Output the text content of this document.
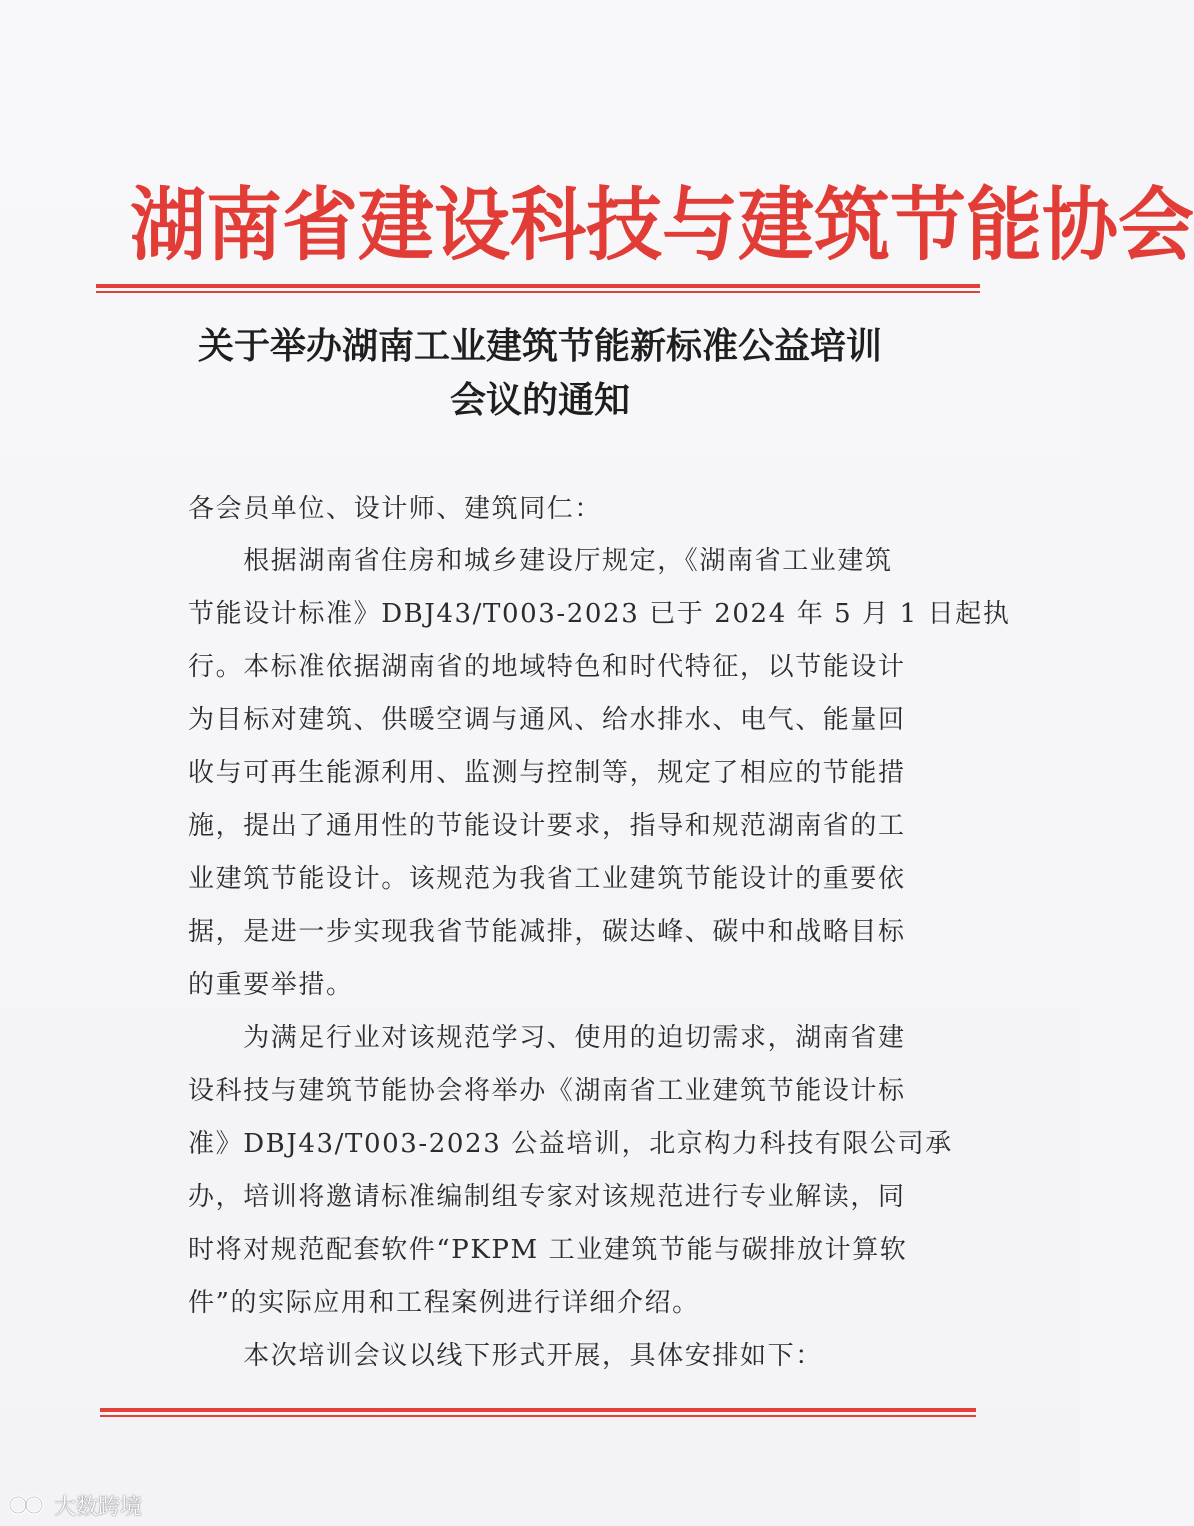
湖南省建设科技与建筑节能协会
关于举办湖南工业建筑节能新标准公益培训
会议的通知
各会员单位、设计师、建筑同仁：
　　根据湖南省住房和城乡建设厅规定，《湖南省工业建筑
节能设计标准》DBJ43/T003-2023 已于 2024 年 5 月 1 日起执
行。本标准依据湖南省的地域特色和时代特征，以节能设计
为目标对建筑、供暖空调与通风、给水排水、电气、能量回
收与可再生能源利用、监测与控制等，规定了相应的节能措
施，提出了通用性的节能设计要求，指导和规范湖南省的工
业建筑节能设计。该规范为我省工业建筑节能设计的重要依
据，是进一步实现我省节能减排，碳达峰、碳中和战略目标
的重要举措。
　　为满足行业对该规范学习、使用的迫切需求，湖南省建
设科技与建筑节能协会将举办《湖南省工业建筑节能设计标
准》DBJ43/T003-2023 公益培训，北京构力科技有限公司承
办，培训将邀请标准编制组专家对该规范进行专业解读，同
时将对规范配套软件“PKPM 工业建筑节能与碳排放计算软
件”的实际应用和工程案例进行详细介绍。
　　本次培训会议以线下形式开展，具体安排如下：
大数跨境
